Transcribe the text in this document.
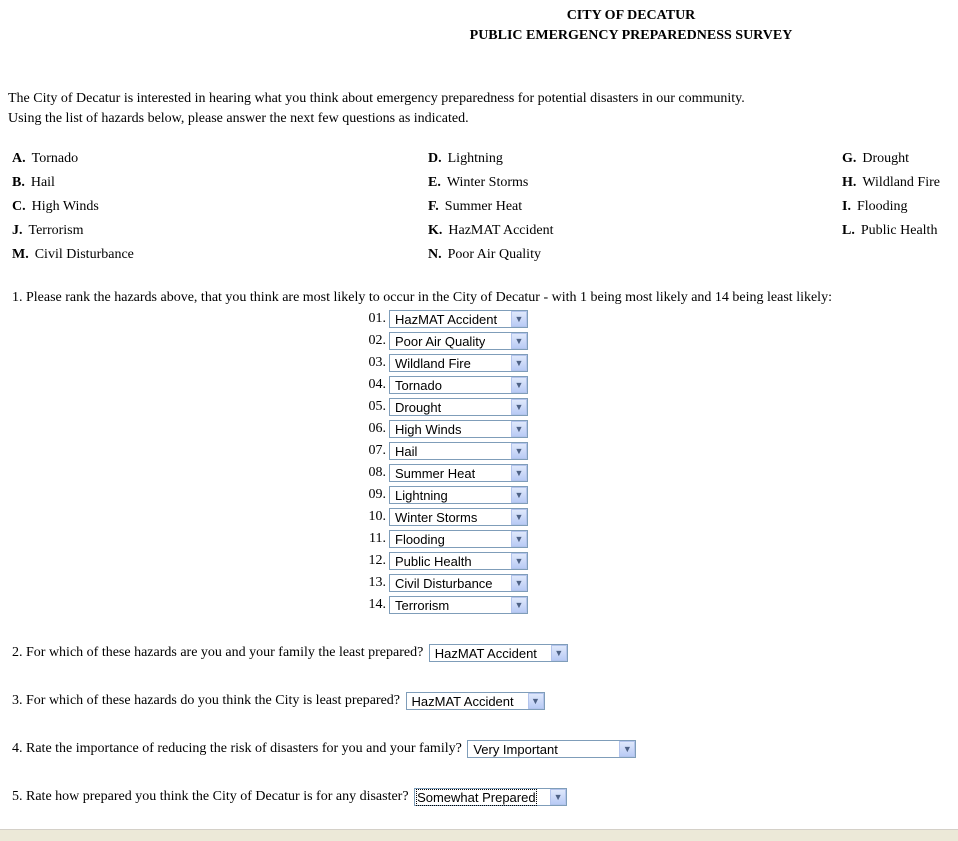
CITY OF DECATUR
PUBLIC EMERGENCY PREPAREDNESS SURVEY
The City of Decatur is interested in hearing what you think about emergency preparedness for potential disasters in our community.
Using the list of hazards below, please answer the next few questions as indicated.
A. Tornado	D. Lightning	G. Drought
B. Hail	E. Winter Storms	H. Wildland Fire
C. High Winds	F. Summer Heat	I. Flooding
J. Terrorism	K. HazMAT Accident	L. Public Health
M. Civil Disturbance	N. Poor Air Quality
1. Please rank the hazards above, that you think are most likely to occur in the City of Decatur - with 1 being most likely and 14 being least likely:
01. HazMAT Accident	▼
02. Poor Air Quality	▼
03. Wildland Fire	▼
04. Tornado	▼
05. Drought	▼
06. High Winds	▼
07. Hail	▼
08. Summer Heat	▼
09. Lightning	▼
10. Winter Storms	▼
11. Flooding	▼
12. Public Health	▼
13. Civil Disturbance	▼
14. Terrorism	▼
2. For which of these hazards are you and your family the least prepared? HazMAT Accident	▼
3. For which of these hazards do you think the City is least prepared? HazMAT Accident	▼
4. Rate the importance of reducing the risk of disasters for you and your family? Very Important	▼
5. Rate how prepared you think the City of Decatur is for any disaster? Somewhat Prepared	▼
